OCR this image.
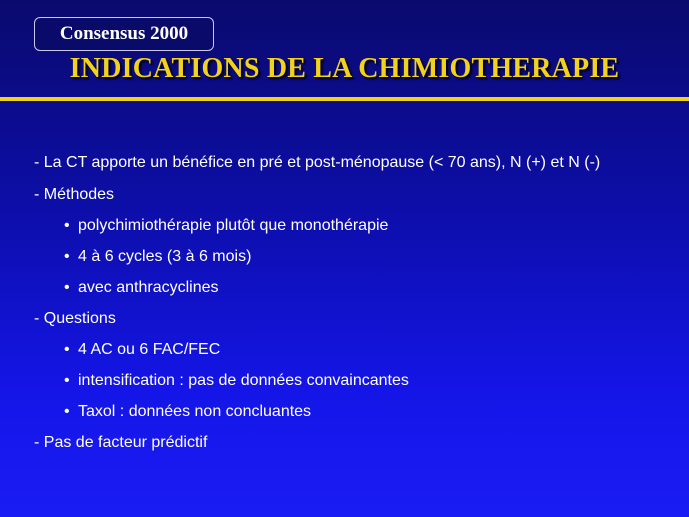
Consensus 2000
INDICATIONS DE LA CHIMIOTHERAPIE
- La CT apporte un bénéfice en pré et post-ménopause (< 70 ans), N (+) et N (-)
- Méthodes
• polychimiothérapie plutôt que monothérapie
• 4 à 6 cycles (3 à 6 mois)
• avec anthracyclines
- Questions
• 4 AC ou 6 FAC/FEC
• intensification : pas de données convaincantes
• Taxol : données non concluantes
- Pas de facteur prédictif
